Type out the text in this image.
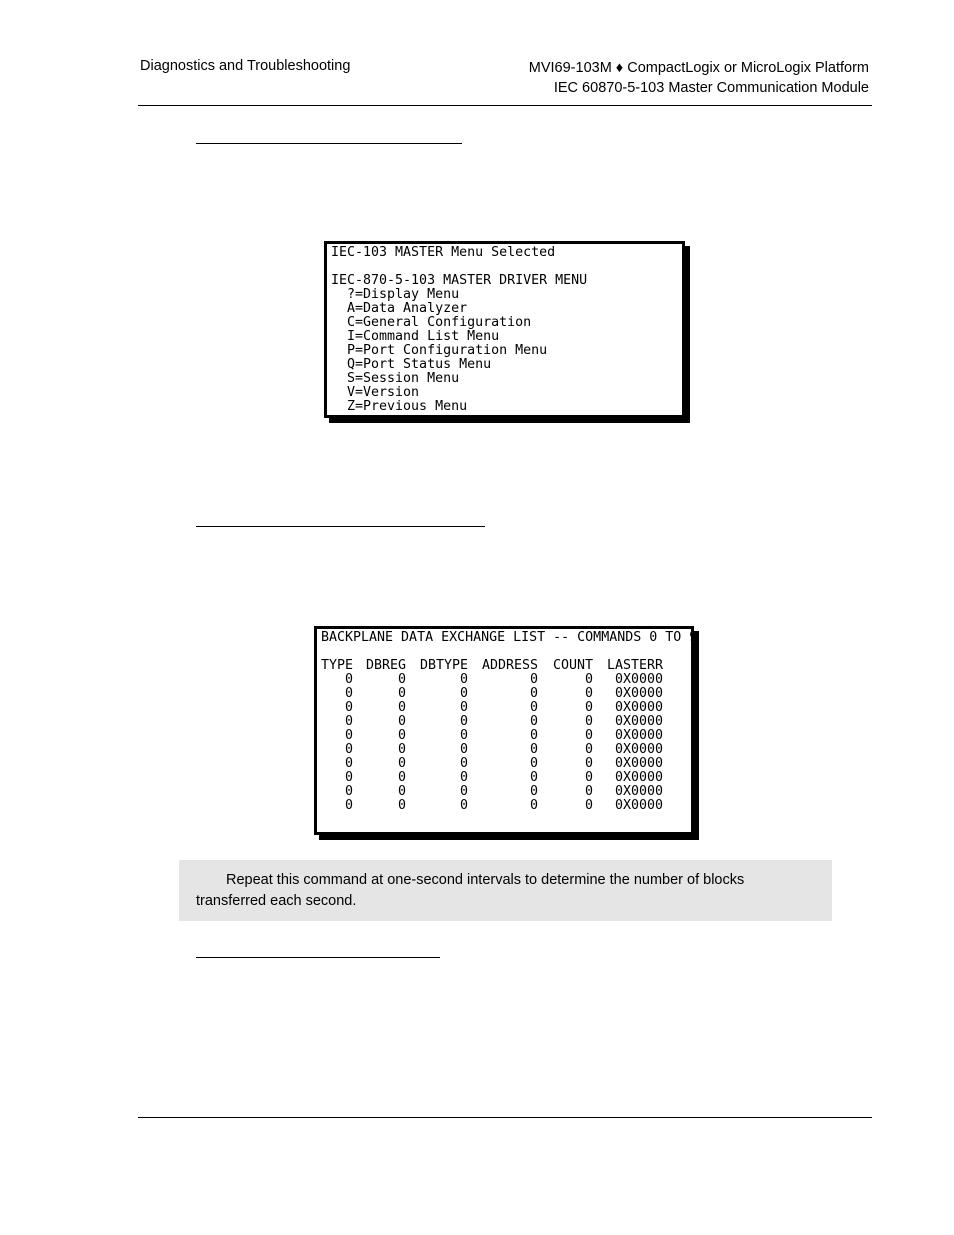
Diagnostics and Troubleshooting	MVI69-103M ♦ CompactLogix or MicroLogix Platform
IEC 60870-5-103 Master Communication Module
IEC-103 MASTER Menu Selected

IEC-870-5-103 MASTER DRIVER MENU
?=Display Menu
A=Data Analyzer
C=General Configuration
I=Command List Menu
P=Port Configuration Menu
Q=Port Status Menu
S=Session Menu
V=Version
Z=Previous Menu
BACKPLANE DATA EXCHANGE LIST -- COMMANDS 0 TO 9

TYPE	DBREG	DBTYPE	ADDRESS	COUNT	LASTERR
0	0	0	0	0	0X0000
0	0	0	0	0	0X0000
0	0	0	0	0	0X0000
0	0	0	0	0	0X0000
0	0	0	0	0	0X0000
0	0	0	0	0	0X0000
0	0	0	0	0	0X0000
0	0	0	0	0	0X0000
0	0	0	0	0	0X0000
0	0	0	0	0	0X0000
Repeat this command at one-second intervals to determine the number of blocks transferred each second.
